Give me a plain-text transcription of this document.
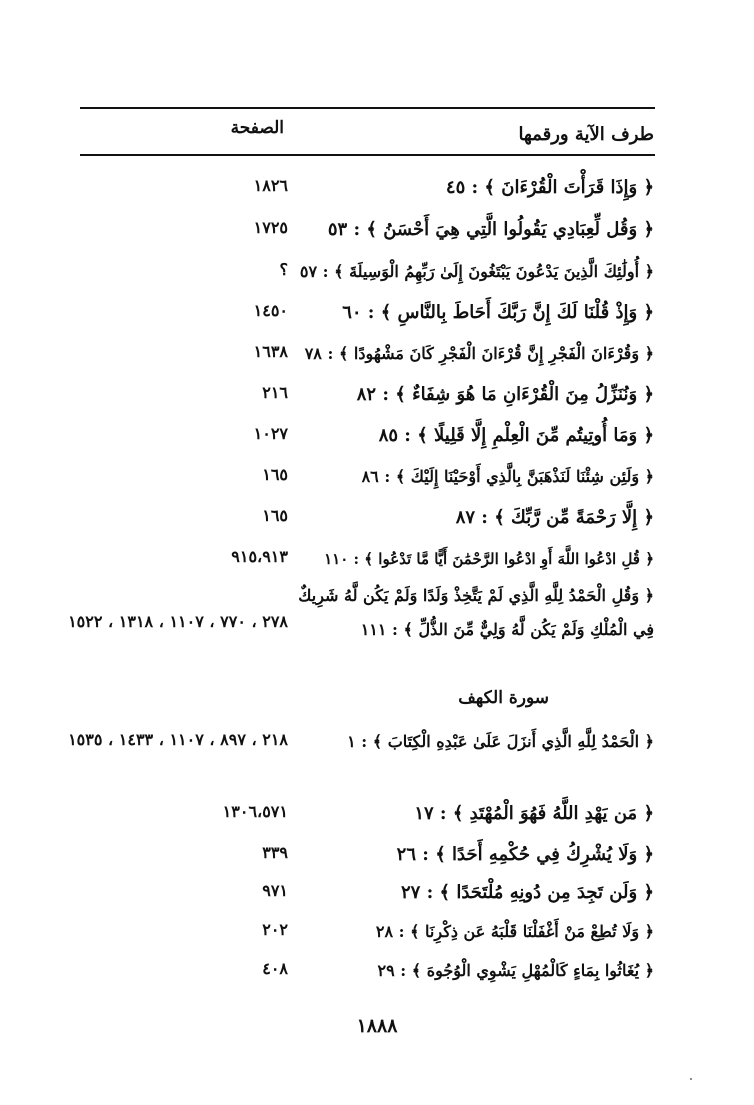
طرف الآية ورقمها
الصفحة
﴿ وَإِذَا قَرَأْتَ الْقُرْءَانَ ﴾ : ٤٥
١٨٢٦
﴿ وَقُل لِّعِبَادِي يَقُولُوا الَّتِي هِيَ أَحْسَنُ ﴾ : ٥٣
١٧٢٥
﴿ أُولَٰئِكَ الَّذِينَ يَدْعُونَ يَبْتَغُونَ إِلَىٰ رَبِّهِمُ الْوَسِيلَةَ ﴾ : ٥٧
؟
﴿ وَإِذْ قُلْنَا لَكَ إِنَّ رَبَّكَ أَحَاطَ بِالنَّاسِ ﴾ : ٦٠
١٤٥٠
﴿ وَقُرْءَانَ الْفَجْرِ إِنَّ قُرْءَانَ الْفَجْرِ كَانَ مَشْهُودًا ﴾ : ٧٨
١٦٣٨
﴿ وَنُنَزِّلُ مِنَ الْقُرْءَانِ مَا هُوَ شِفَاءٌ ﴾ : ٨٢
٢١٦
﴿ وَمَا أُوتِيتُم مِّنَ الْعِلْمِ إِلَّا قَلِيلًا ﴾ : ٨٥
١٠٢٧
﴿ وَلَئِن شِئْنَا لَنَذْهَبَنَّ بِالَّذِي أَوْحَيْنَا إِلَيْكَ ﴾ : ٨٦
١٦٥
﴿ إِلَّا رَحْمَةً مِّن رَّبِّكَ ﴾ : ٨٧
١٦٥
﴿ قُلِ ادْعُوا اللَّهَ أَوِ ادْعُوا الرَّحْمَٰنَ أَيًّا مَّا تَدْعُوا ﴾ : ١١٠
٩١٥،٩١٣
﴿ وَقُلِ الْحَمْدُ لِلَّهِ الَّذِي لَمْ يَتَّخِذْ وَلَدًا وَلَمْ يَكُن لَّهُ شَرِيكٌ فِي الْمُلْكِ وَلَمْ يَكُن لَّهُ وَلِيٌّ مِّنَ الذُّلِّ ﴾ : ١١١
٢٧٨ ، ٧٧٠ ، ١١٠٧ ، ١٣١٨ ، ١٥٢٢
سورة الكهف
﴿ الْحَمْدُ لِلَّهِ الَّذِي أَنزَلَ عَلَىٰ عَبْدِهِ الْكِتَابَ ﴾ : ١
٢١٨ ، ٨٩٧ ، ١١٠٧ ، ١٤٣٣ ، ١٥٣٥
﴿ مَن يَهْدِ اللَّهُ فَهُوَ الْمُهْتَدِ ﴾ : ١٧
١٣٠٦،٥٧١
﴿ وَلَا يُشْرِكُ فِي حُكْمِهِ أَحَدًا ﴾ : ٢٦
٣٣٩
﴿ وَلَن تَجِدَ مِن دُونِهِ مُلْتَحَدًا ﴾ : ٢٧
٩٧١
﴿ وَلَا تُطِعْ مَنْ أَغْفَلْنَا قَلْبَهُ عَن ذِكْرِنَا ﴾ : ٢٨
٢٠٢
﴿ يُغَاثُوا بِمَاءٍ كَالْمُهْلِ يَشْوِي الْوُجُوهَ ﴾ : ٢٩
٤٠٨
١٨٨٨
